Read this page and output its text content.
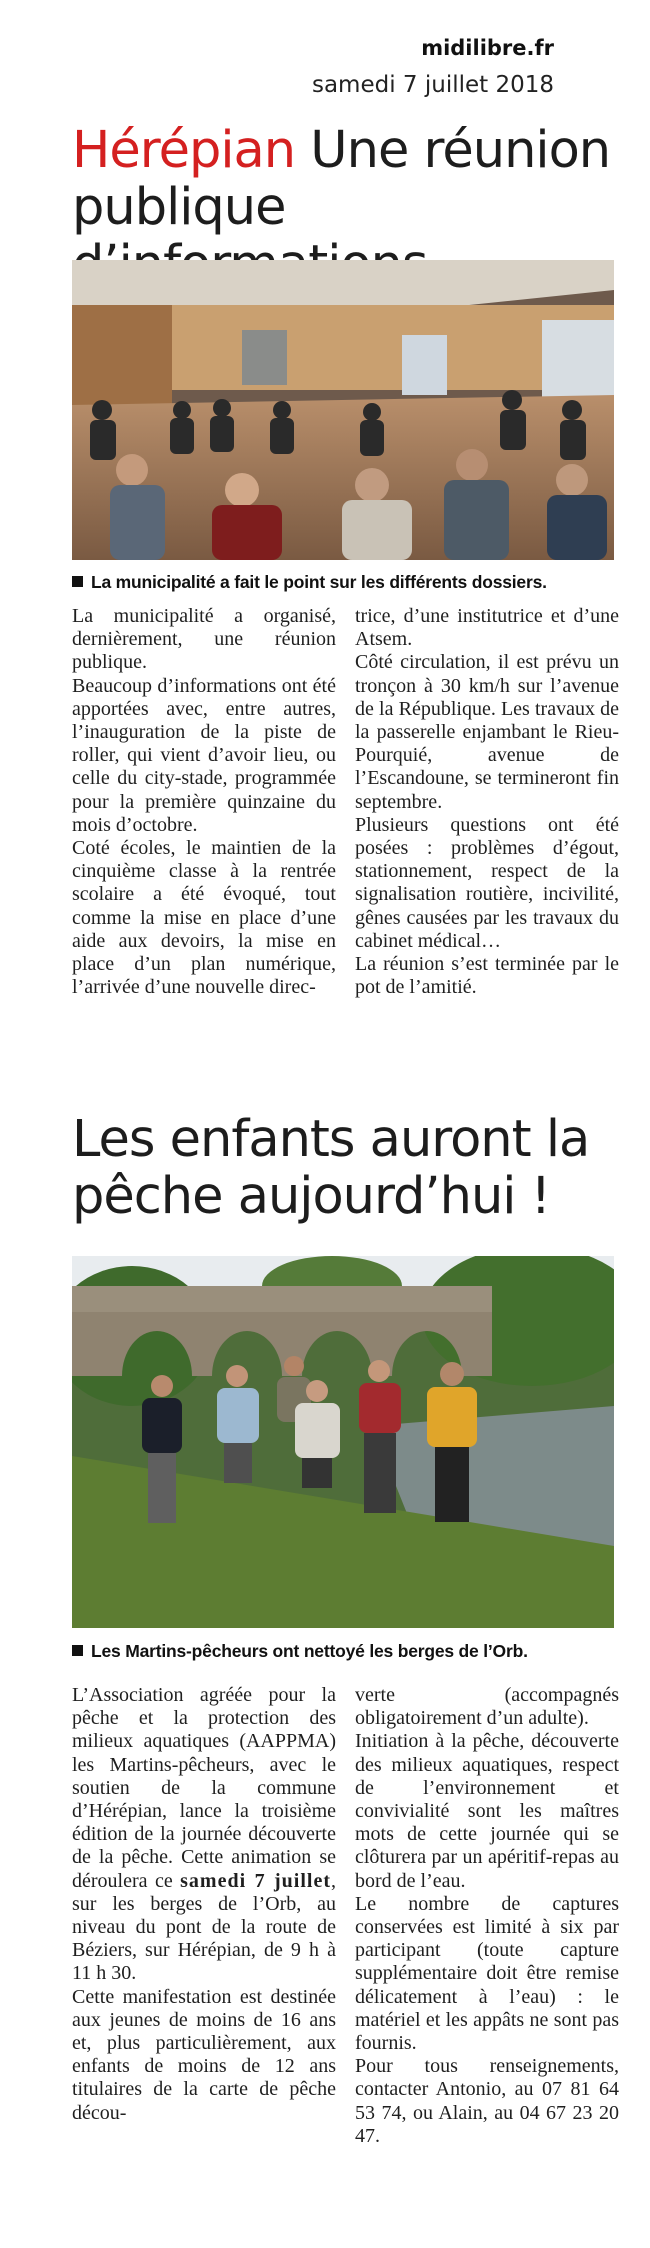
midilibre.fr
samedi 7 juillet 2018
Hérépian Une réunion publique
La municipalité a fait le point sur les différents dossiers.

La municipalité a organisé, dernièrement, une réunion publique.

Beaucoup d’informations ont été apportées avec, entre autres, l’inauguration de la piste de roller, qui vient d’avoir lieu, ou celle du city-stade, programmée pour la première quinzaine du mois d’octobre.

Coté écoles, le maintien de la cinquième classe à la rentrée scolaire a été évoqué, tout comme la mise en place d’une aide aux devoirs, la mise en place d’un plan numérique, l’arrivée d’une nouvelle direc-

trice, d’une institutrice et d’une Atsem.

Côté circulation, il est prévu un tronçon à 30 km/h sur l’avenue de la République. Les travaux de la passerelle enjambant le Rieu-Pourquié, avenue de l’Escandoune, se termineront fin septembre.

Plusieurs questions ont été posées : problèmes d’égout, stationnement, respect de la signalisation routière, incivilité, gênes causées par les travaux du cabinet médical…

La réunion s’est terminée par le pot de l’amitié.

Les enfants auront la pêche aujourd’hui !
Les Martins-pêcheurs ont nettoyé les berges de l’Orb.

L’Association agréée pour la pêche et la protection des milieux aquatiques (AAPPMA) les Martins-pêcheurs, avec le soutien de la commune d’Hérépian, lance la troisième édition de la journée découverte de la pêche. Cette animation se déroulera ce samedi 7 juillet, sur les berges de l’Orb, au niveau du pont de la route de Béziers, sur Hérépian, de 9 h à 11 h 30.

Cette manifestation est destinée aux jeunes de moins de 16 ans et, plus particulièrement, aux enfants de moins de 12 ans titulaires de la carte de pêche décou-

verte (accompagnés obligatoirement d’un adulte).

Initiation à la pêche, découverte des milieux aquatiques, respect de l’environnement et convivialité sont les maîtres mots de cette journée qui se clôturera par un apéritif-repas au bord de l’eau.

Le nombre de captures conservées est limité à six par participant (toute capture supplémentaire doit être remise délicatement à l’eau) : le matériel et les appâts ne sont pas fournis.

Pour tous renseignements, contacter Antonio, au 07 81 64 53 74, ou Alain, au 04 67 23 20 47.
